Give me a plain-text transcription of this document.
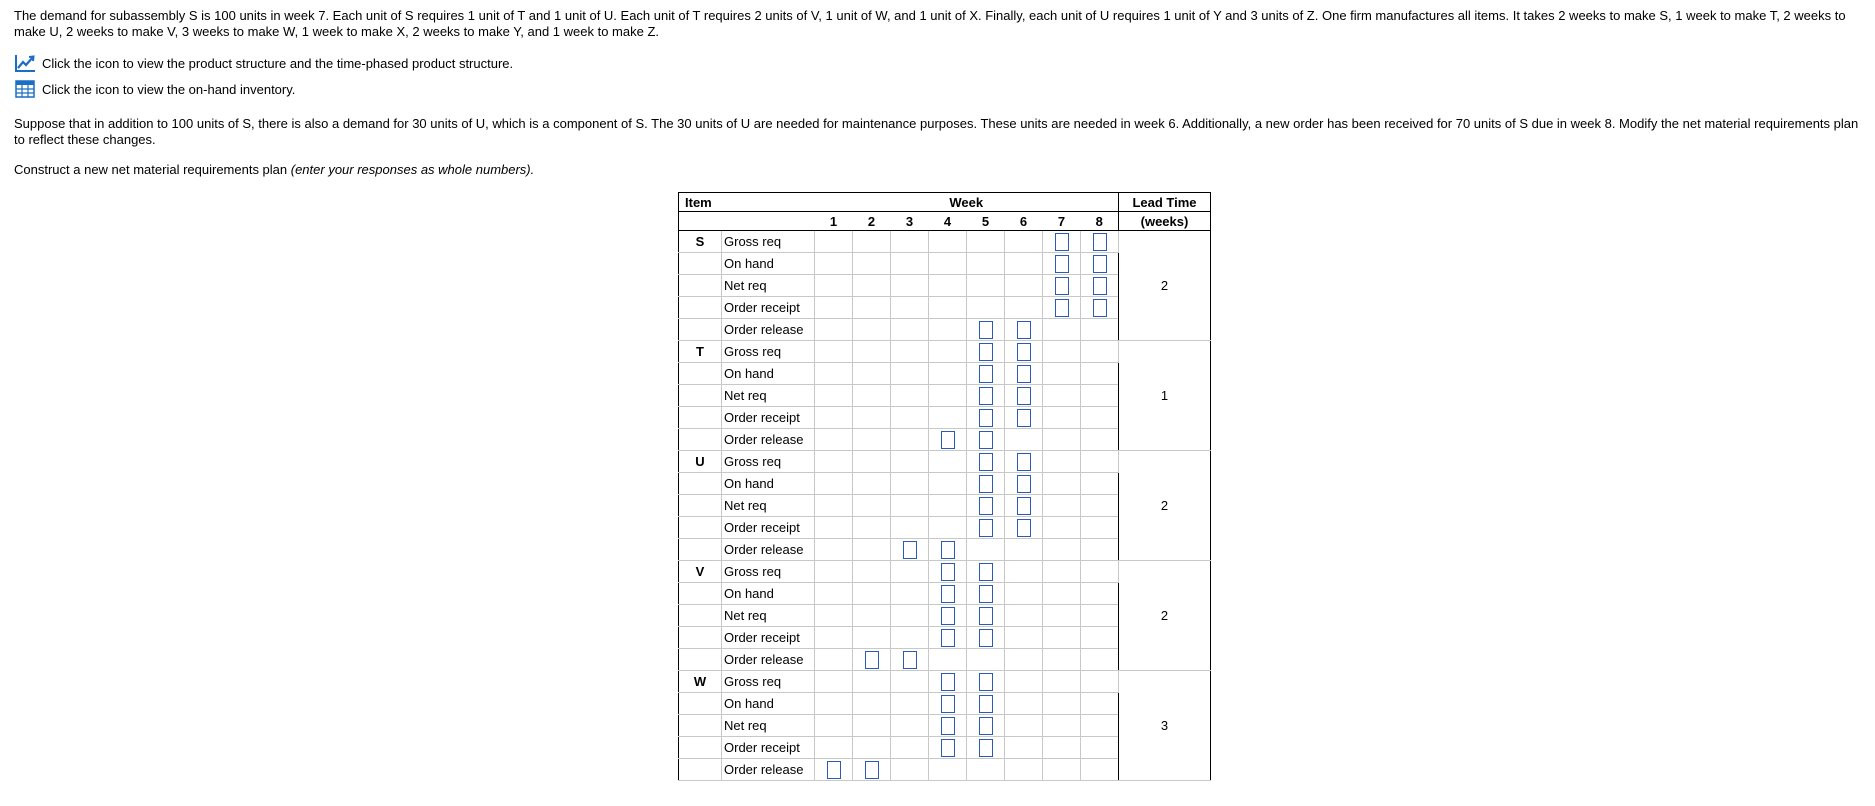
The demand for subassembly S is 100 units in week 7. Each unit of S requires 1 unit of T and 1 unit of U. Each unit of T requires 2 units of V, 1 unit of W, and 1 unit of X. Finally, each unit of U requires 1 unit of Y and 3 units of Z. One firm manufactures all items. It takes 2 weeks to make S, 1 week to make T, 2 weeks to make U, 2 weeks to make V, 3 weeks to make W, 1 week to make X, 2 weeks to make Y, and 1 week to make Z.

Click the icon to view the product structure and the time-phased product structure.
Click the icon to view the on-hand inventory.

Suppose that in addition to 100 units of S, there is also a demand for 30 units of U, which is a component of S. The 30 units of U are needed for maintenance purposes. These units are needed in week 6. Additionally, a new order has been received for 70 units of S due in week 8. Modify the net material requirements plan to reflect these changes.

Construct a new net material requirements plan (enter your responses as whole numbers).

Item		Week								Lead Time
		1	2	3	4	5	6	7	8	(weeks)
S	Gross req									2
	On hand									
	Net req									
	Order receipt									
	Order release									
T	Gross req									1
	On hand									
	Net req									
	Order receipt									
	Order release									
U	Gross req									2
	On hand									
	Net req									
	Order receipt									
	Order release									
V	Gross req									2
	On hand									
	Net req									
	Order receipt									
	Order release									
W	Gross req									3
	On hand									
	Net req									
	Order receipt									
	Order release									
